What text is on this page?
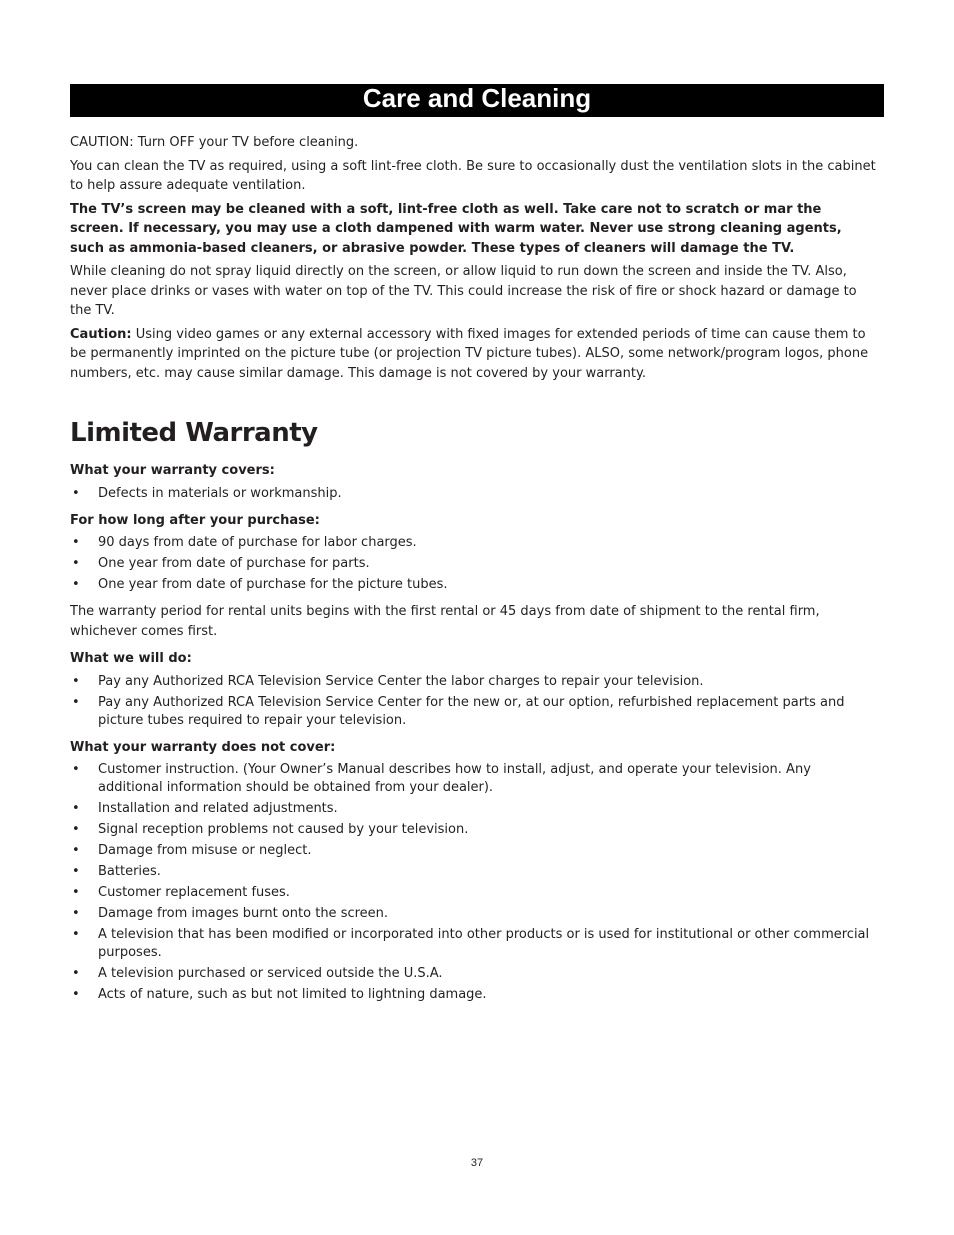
Care and Cleaning

CAUTION: Turn OFF your TV before cleaning.

You can clean the TV as required, using a soft lint-free cloth. Be sure to occasionally dust the ventilation slots in the cabinet to help assure adequate ventilation.

The TV’s screen may be cleaned with a soft, lint-free cloth as well. Take care not to scratch or mar the screen. If necessary, you may use a cloth dampened with warm water. Never use strong cleaning agents, such as ammonia-based cleaners, or abrasive powder. These types of cleaners will damage the TV.

While cleaning do not spray liquid directly on the screen, or allow liquid to run down the screen and inside the TV. Also, never place drinks or vases with water on top of the TV. This could increase the risk of fire or shock hazard or damage to the TV.

Caution: Using video games or any external accessory with fixed images for extended periods of time can cause them to be permanently imprinted on the picture tube (or projection TV picture tubes). ALSO, some network/program logos, phone numbers, etc. may cause similar damage. This damage is not covered by your warranty.

Limited Warranty

What your warranty covers:

• Defects in materials or workmanship.

For how long after your purchase:

• 90 days from date of purchase for labor charges.
• One year from date of purchase for parts.
• One year from date of purchase for the picture tubes.

The warranty period for rental units begins with the first rental or 45 days from date of shipment to the rental firm, whichever comes first.

What we will do:

• Pay any Authorized RCA Television Service Center the labor charges to repair your television.
• Pay any Authorized RCA Television Service Center for the new or, at our option, refurbished replacement parts and picture tubes required to repair your television.

What your warranty does not cover:

• Customer instruction. (Your Owner’s Manual describes how to install, adjust, and operate your television. Any additional information should be obtained from your dealer).
• Installation and related adjustments.
• Signal reception problems not caused by your television.
• Damage from misuse or neglect.
• Batteries.
• Customer replacement fuses.
• Damage from images burnt onto the screen.
• A television that has been modified or incorporated into other products or is used for institutional or other commercial purposes.
• A television purchased or serviced outside the U.S.A.
• Acts of nature, such as but not limited to lightning damage.
37
